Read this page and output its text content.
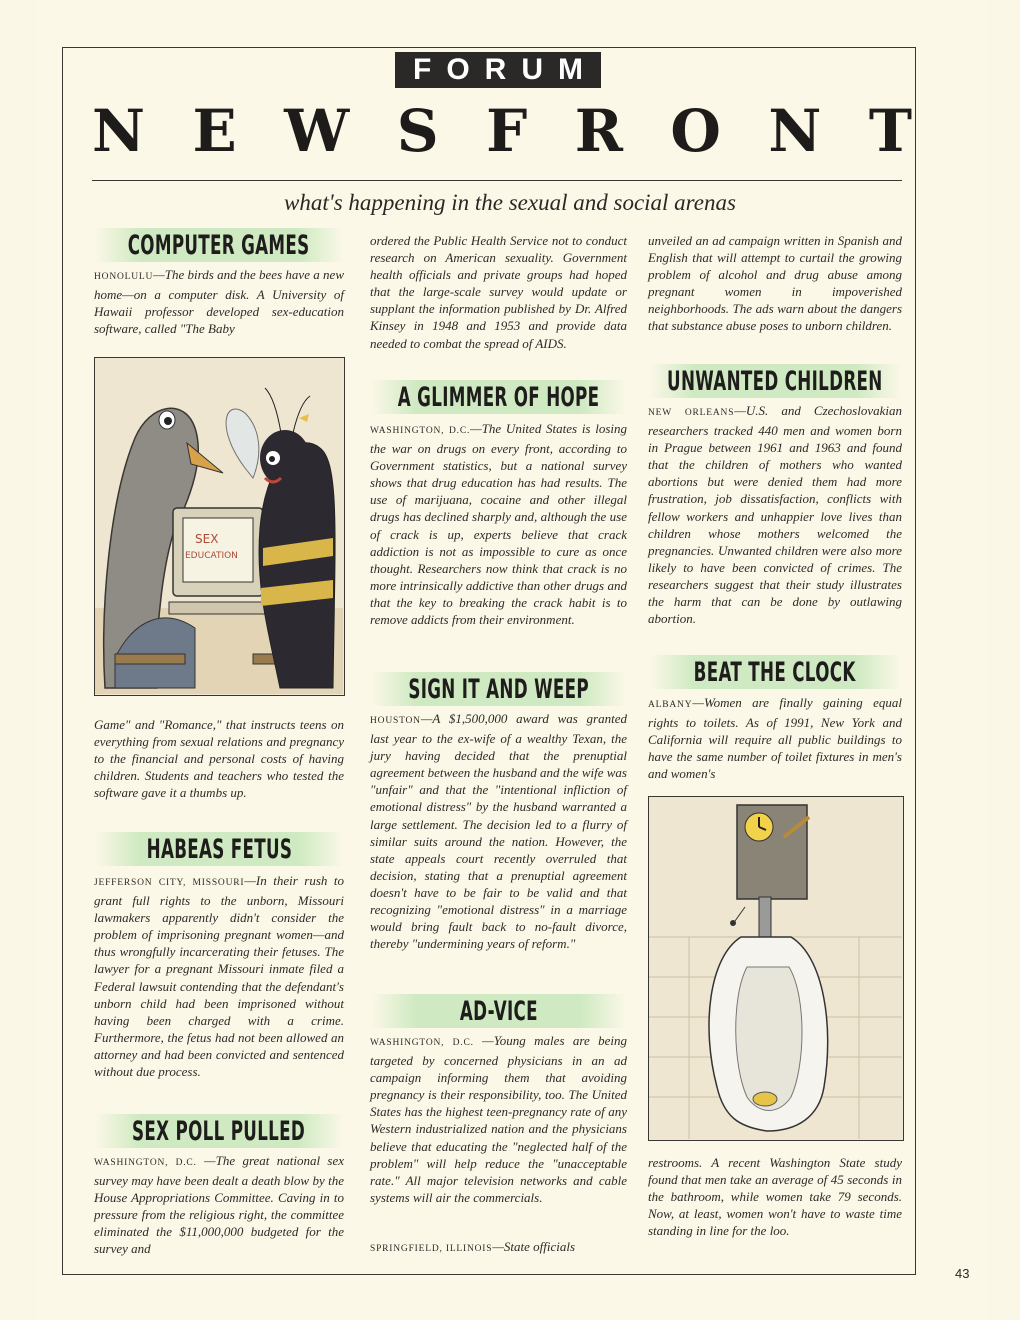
FORUM
N E W S F R O N T
what's happening in the sexual and social arenas
COMPUTER GAMES
HONOLULU—The birds and the bees have a new home—on a computer disk. A University of Hawaii professor developed sex-education software, called "The Baby
SEX
EDUCATION
Game" and "Romance," that instructs teens on everything from sexual relations and pregnancy to the financial and personal costs of having children. Students and teachers who tested the software gave it a thumbs up.
HABEAS FETUS
JEFFERSON CITY, MISSOURI—In their rush to grant full rights to the unborn, Missouri lawmakers apparently didn't consider the problem of imprisoning pregnant women—and thus wrongfully incarcerating their fetuses. The lawyer for a pregnant Missouri inmate filed a Federal lawsuit contending that the defendant's unborn child had been imprisoned without having been charged with a crime. Furthermore, the fetus had not been allowed an attorney and had been convicted and sentenced without due process.
SEX POLL PULLED
WASHINGTON, D.C. —The great national sex survey may have been dealt a death blow by the House Appropriations Committee. Caving in to pressure from the religious right, the committee eliminated the $11,000,000 budgeted for the survey and
ordered the Public Health Service not to conduct research on American sexuality. Government health officials and private groups had hoped that the large-scale survey would update or supplant the information published by Dr. Alfred Kinsey in 1948 and 1953 and provide data needed to combat the spread of AIDS.
A GLIMMER OF HOPE
WASHINGTON, D.C.—The United States is losing the war on drugs on every front, according to Government statistics, but a national survey shows that drug education has had results. The use of marijuana, cocaine and other illegal drugs has declined sharply and, although the use of crack is up, experts believe that crack addiction is not as impossible to cure as once thought. Researchers now think that crack is no more intrinsically addictive than other drugs and that the key to breaking the crack habit is to remove addicts from their environment.
SIGN IT AND WEEP
HOUSTON—A $1,500,000 award was granted last year to the ex-wife of a wealthy Texan, the jury having decided that the prenuptial agreement between the husband and the wife was "unfair" and that the "intentional infliction of emotional distress" by the husband warranted a large settlement. The decision led to a flurry of similar suits around the nation. However, the state appeals court recently overruled that decision, stating that a prenuptial agreement doesn't have to be fair to be valid and that recognizing "emotional distress" in a marriage would bring fault back to no-fault divorce, thereby "undermining years of reform."
AD-VICE
WASHINGTON, D.C. —Young males are being targeted by concerned physicians in an ad campaign informing them that avoiding pregnancy is their responsibility, too. The United States has the highest teen-pregnancy rate of any Western industrialized nation and the physicians believe that educating the "neglected half of the problem" will help reduce the "unacceptable rate." All major television networks and cable systems will air the commercials.
SPRINGFIELD, ILLINOIS—State officials
unveiled an ad campaign written in Spanish and English that will attempt to curtail the growing problem of alcohol and drug abuse among pregnant women in impoverished neighborhoods. The ads warn about the dangers that substance abuse poses to unborn children.
UNWANTED CHILDREN
NEW ORLEANS—U.S. and Czechoslovakian researchers tracked 440 men and women born in Prague between 1961 and 1963 and found that the children of mothers who wanted abortions but were denied them had more frustration, job dissatisfaction, conflicts with fellow workers and unhappier love lives than children whose mothers welcomed the pregnancies. Unwanted children were also more likely to have been convicted of crimes. The researchers suggest that their study illustrates the harm that can be done by outlawing abortion.
BEAT THE CLOCK
ALBANY—Women are finally gaining equal rights to toilets. As of 1991, New York and California will require all public buildings to have the same number of toilet fixtures in men's and women's
restrooms. A recent Washington State study found that men take an average of 45 seconds in the bathroom, while women take 79 seconds. Now, at least, women won't have to waste time standing in line for the loo.
43
